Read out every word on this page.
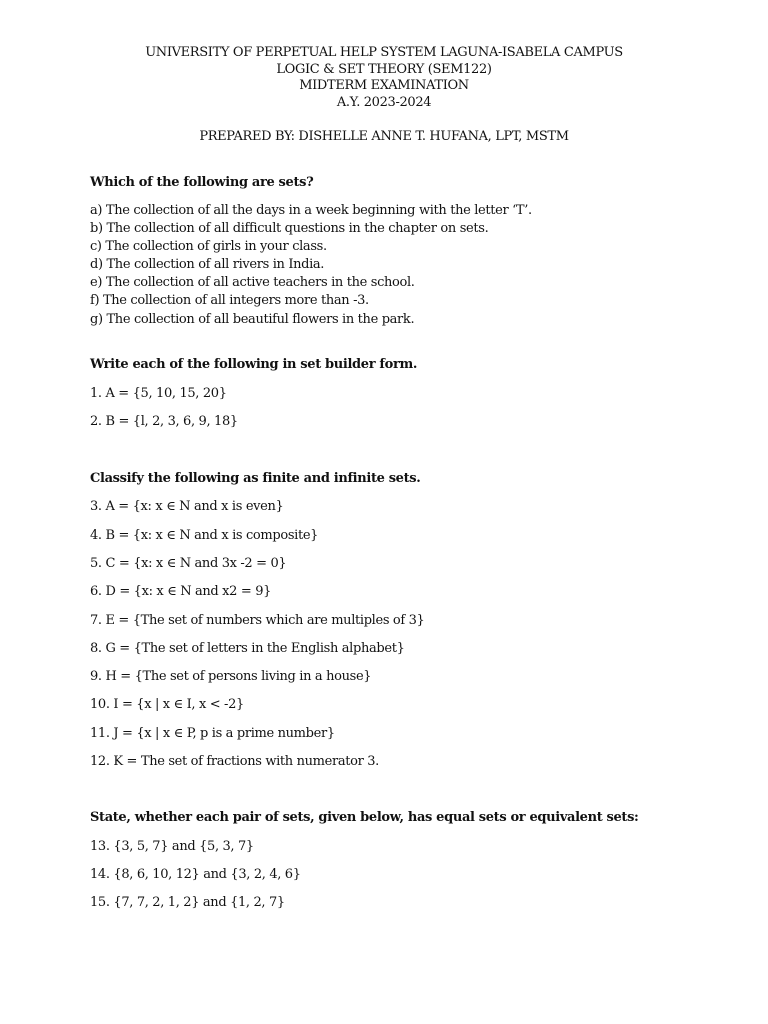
UNIVERSITY OF PERPETUAL HELP SYSTEM LAGUNA-ISABELA CAMPUS
LOGIC & SET THEORY (SEM122)
MIDTERM EXAMINATION
A.Y. 2023-2024
PREPARED BY: DISHELLE ANNE T. HUFANA, LPT, MSTM
Which of the following are sets?
a) The collection of all the days in a week beginning with the letter ‘T’.
b) The collection of all difficult questions in the chapter on sets.
c) The collection of girls in your class.
d) The collection of all rivers in India.
e) The collection of all active teachers in the school.
f) The collection of all integers more than -3.
g) The collection of all beautiful flowers in the park.
Write each of the following in set builder form.
1. A = {5, 10, 15, 20}
2. B = {l, 2, 3, 6, 9, 18}
Classify the following as finite and infinite sets.
3. A = {x: x ∈ N and x is even}
4. B = {x: x ∈ N and x is composite}
5. C = {x: x ∈ N and 3x -2 = 0}
6. D = {x: x ∈ N and x2 = 9}
7. E = {The set of numbers which are multiples of 3}
8. G = {The set of letters in the English alphabet}
9. H = {The set of persons living in a house}
10. I = {x | x ∈ I, x < -2}
11. J = {x | x ∈ P, p is a prime number}
12. K = The set of fractions with numerator 3.
State, whether each pair of sets, given below, has equal sets or equivalent sets:
13. {3, 5, 7} and {5, 3, 7}
14. {8, 6, 10, 12} and {3, 2, 4, 6}
15. {7, 7, 2, 1, 2} and {1, 2, 7}
